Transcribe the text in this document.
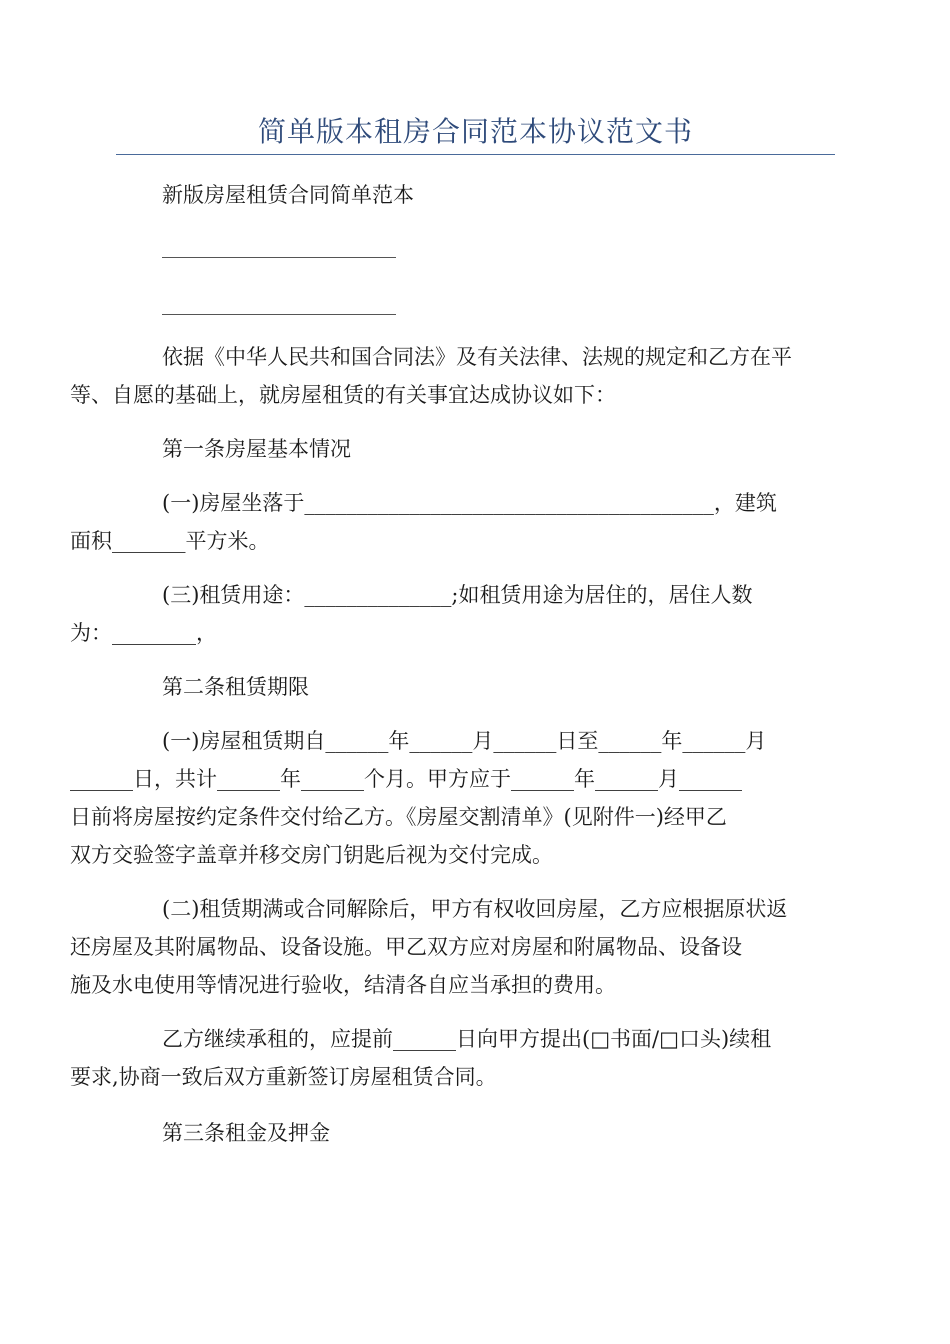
简单版本租房合同范本协议范文书

新版房屋租赁合同简单范本

依据《中华人民共和国合同法》及有关法律、法规的规定和乙方在平
等、自愿的基础上，就房屋租赁的有关事宜达成协议如下：

第一条房屋基本情况

(一)房屋坐落于_______________________________________，建筑
面积_______平方米。

(三)租赁用途：______________;如租赁用途为居住的，居住人数
为：________，

第二条租赁期限

(一)房屋租赁期自______年______月______日至______年______月
______日，共计______年______个月。甲方应于______年______月______
日前将房屋按约定条件交付给乙方。《房屋交割清单》(见附件一)经甲乙
双方交验签字盖章并移交房门钥匙后视为交付完成。

(二)租赁期满或合同解除后，甲方有权收回房屋，乙方应根据原状返
还房屋及其附属物品、设备设施。甲乙双方应对房屋和附属物品、设备设
施及水电使用等情况进行验收，结清各自应当承担的费用。

乙方继续承租的，应提前______日向甲方提出(□书面/□口头)续租
要求,协商一致后双方重新签订房屋租赁合同。

第三条租金及押金
